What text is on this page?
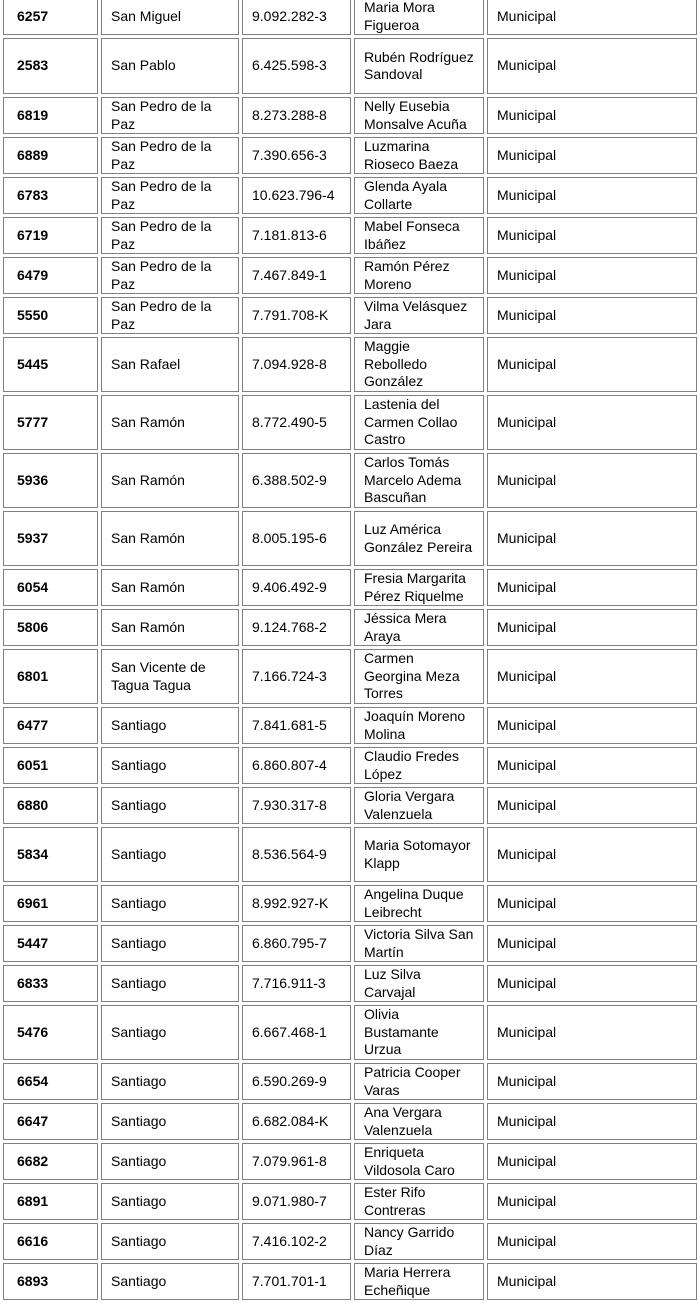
6257	San Miguel	9.092.282-3	Maria Mora Figueroa	Municipal
2583	San Pablo	6.425.598-3	Rubén Rodríguez Sandoval	Municipal
6819	San Pedro de la Paz	8.273.288-8	Nelly Eusebia Monsalve Acuña	Municipal
6889	San Pedro de la Paz	7.390.656-3	Luzmarina Rioseco Baeza	Municipal
6783	San Pedro de la Paz	10.623.796-4	Glenda Ayala Collarte	Municipal
6719	San Pedro de la Paz	7.181.813-6	Mabel Fonseca Ibáñez	Municipal
6479	San Pedro de la Paz	7.467.849-1	Ramón Pérez Moreno	Municipal
5550	San Pedro de la Paz	7.791.708-K	Vilma Velásquez Jara	Municipal
5445	San Rafael	7.094.928-8	Maggie Rebolledo González	Municipal
5777	San Ramón	8.772.490-5	Lastenia del Carmen Collao Castro	Municipal
5936	San Ramón	6.388.502-9	Carlos Tomás Marcelo Adema Bascuñan	Municipal
5937	San Ramón	8.005.195-6	Luz América González Pereira	Municipal
6054	San Ramón	9.406.492-9	Fresia Margarita Pérez Riquelme	Municipal
5806	San Ramón	9.124.768-2	Jéssica Mera Araya	Municipal
6801	San Vicente de Tagua Tagua	7.166.724-3	Carmen Georgina Meza Torres	Municipal
6477	Santiago	7.841.681-5	Joaquín Moreno Molina	Municipal
6051	Santiago	6.860.807-4	Claudio Fredes López	Municipal
6880	Santiago	7.930.317-8	Gloria Vergara Valenzuela	Municipal
5834	Santiago	8.536.564-9	Maria Sotomayor Klapp	Municipal
6961	Santiago	8.992.927-K	Angelina Duque Leibrecht	Municipal
5447	Santiago	6.860.795-7	Victoria Silva San Martín	Municipal
6833	Santiago	7.716.911-3	Luz Silva Carvajal	Municipal
5476	Santiago	6.667.468-1	Olivia Bustamante Urzua	Municipal
6654	Santiago	6.590.269-9	Patricia Cooper Varas	Municipal
6647	Santiago	6.682.084-K	Ana Vergara Valenzuela	Municipal
6682	Santiago	7.079.961-8	Enriqueta Vildosola Caro	Municipal
6891	Santiago	9.071.980-7	Ester Rifo Contreras	Municipal
6616	Santiago	7.416.102-2	Nancy Garrido Díaz	Municipal
6893	Santiago	7.701.701-1	Maria Herrera Echeñique	Municipal
